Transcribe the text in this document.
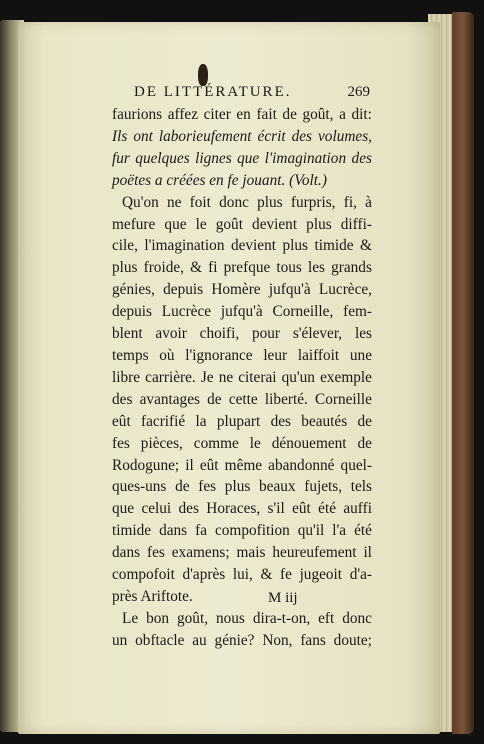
DE LITTÉRATURE.	269
faurions affez citer en fait de goût, a dit:
Ils ont laborieufement écrit des volumes,
fur quelques lignes que l'imagination des
poëtes a créées en fe jouant. (Volt.)
Qu'on ne foit donc plus furpris, fi, à
mefure que le goût devient plus diffi-
cile, l'imagination devient plus timide &
plus froide, & fi prefque tous les grands
génies, depuis Homère jufqu'à Lucrèce,
depuis Lucrèce jufqu'à Corneille, fem-
blent avoir choifi, pour s'élever, les
temps où l'ignorance leur laiffoit une
libre carrière. Je ne citerai qu'un exemple
des avantages de cette liberté. Corneille
eût facrifié la plupart des beautés de
fes pièces, comme le dénouement de
Rodogune; il eût même abandonné quel-
ques-uns de fes plus beaux fujets, tels
que celui des Horaces, s'il eût été auffi
timide dans fa compofition qu'il l'a été
dans fes examens; mais heureufement il
compofoit d'après lui, & fe jugeoit d'a-
près Ariftote.
Le bon goût, nous dira-t-on, eft donc
un obftacle au génie? Non, fans doute;
M iij
